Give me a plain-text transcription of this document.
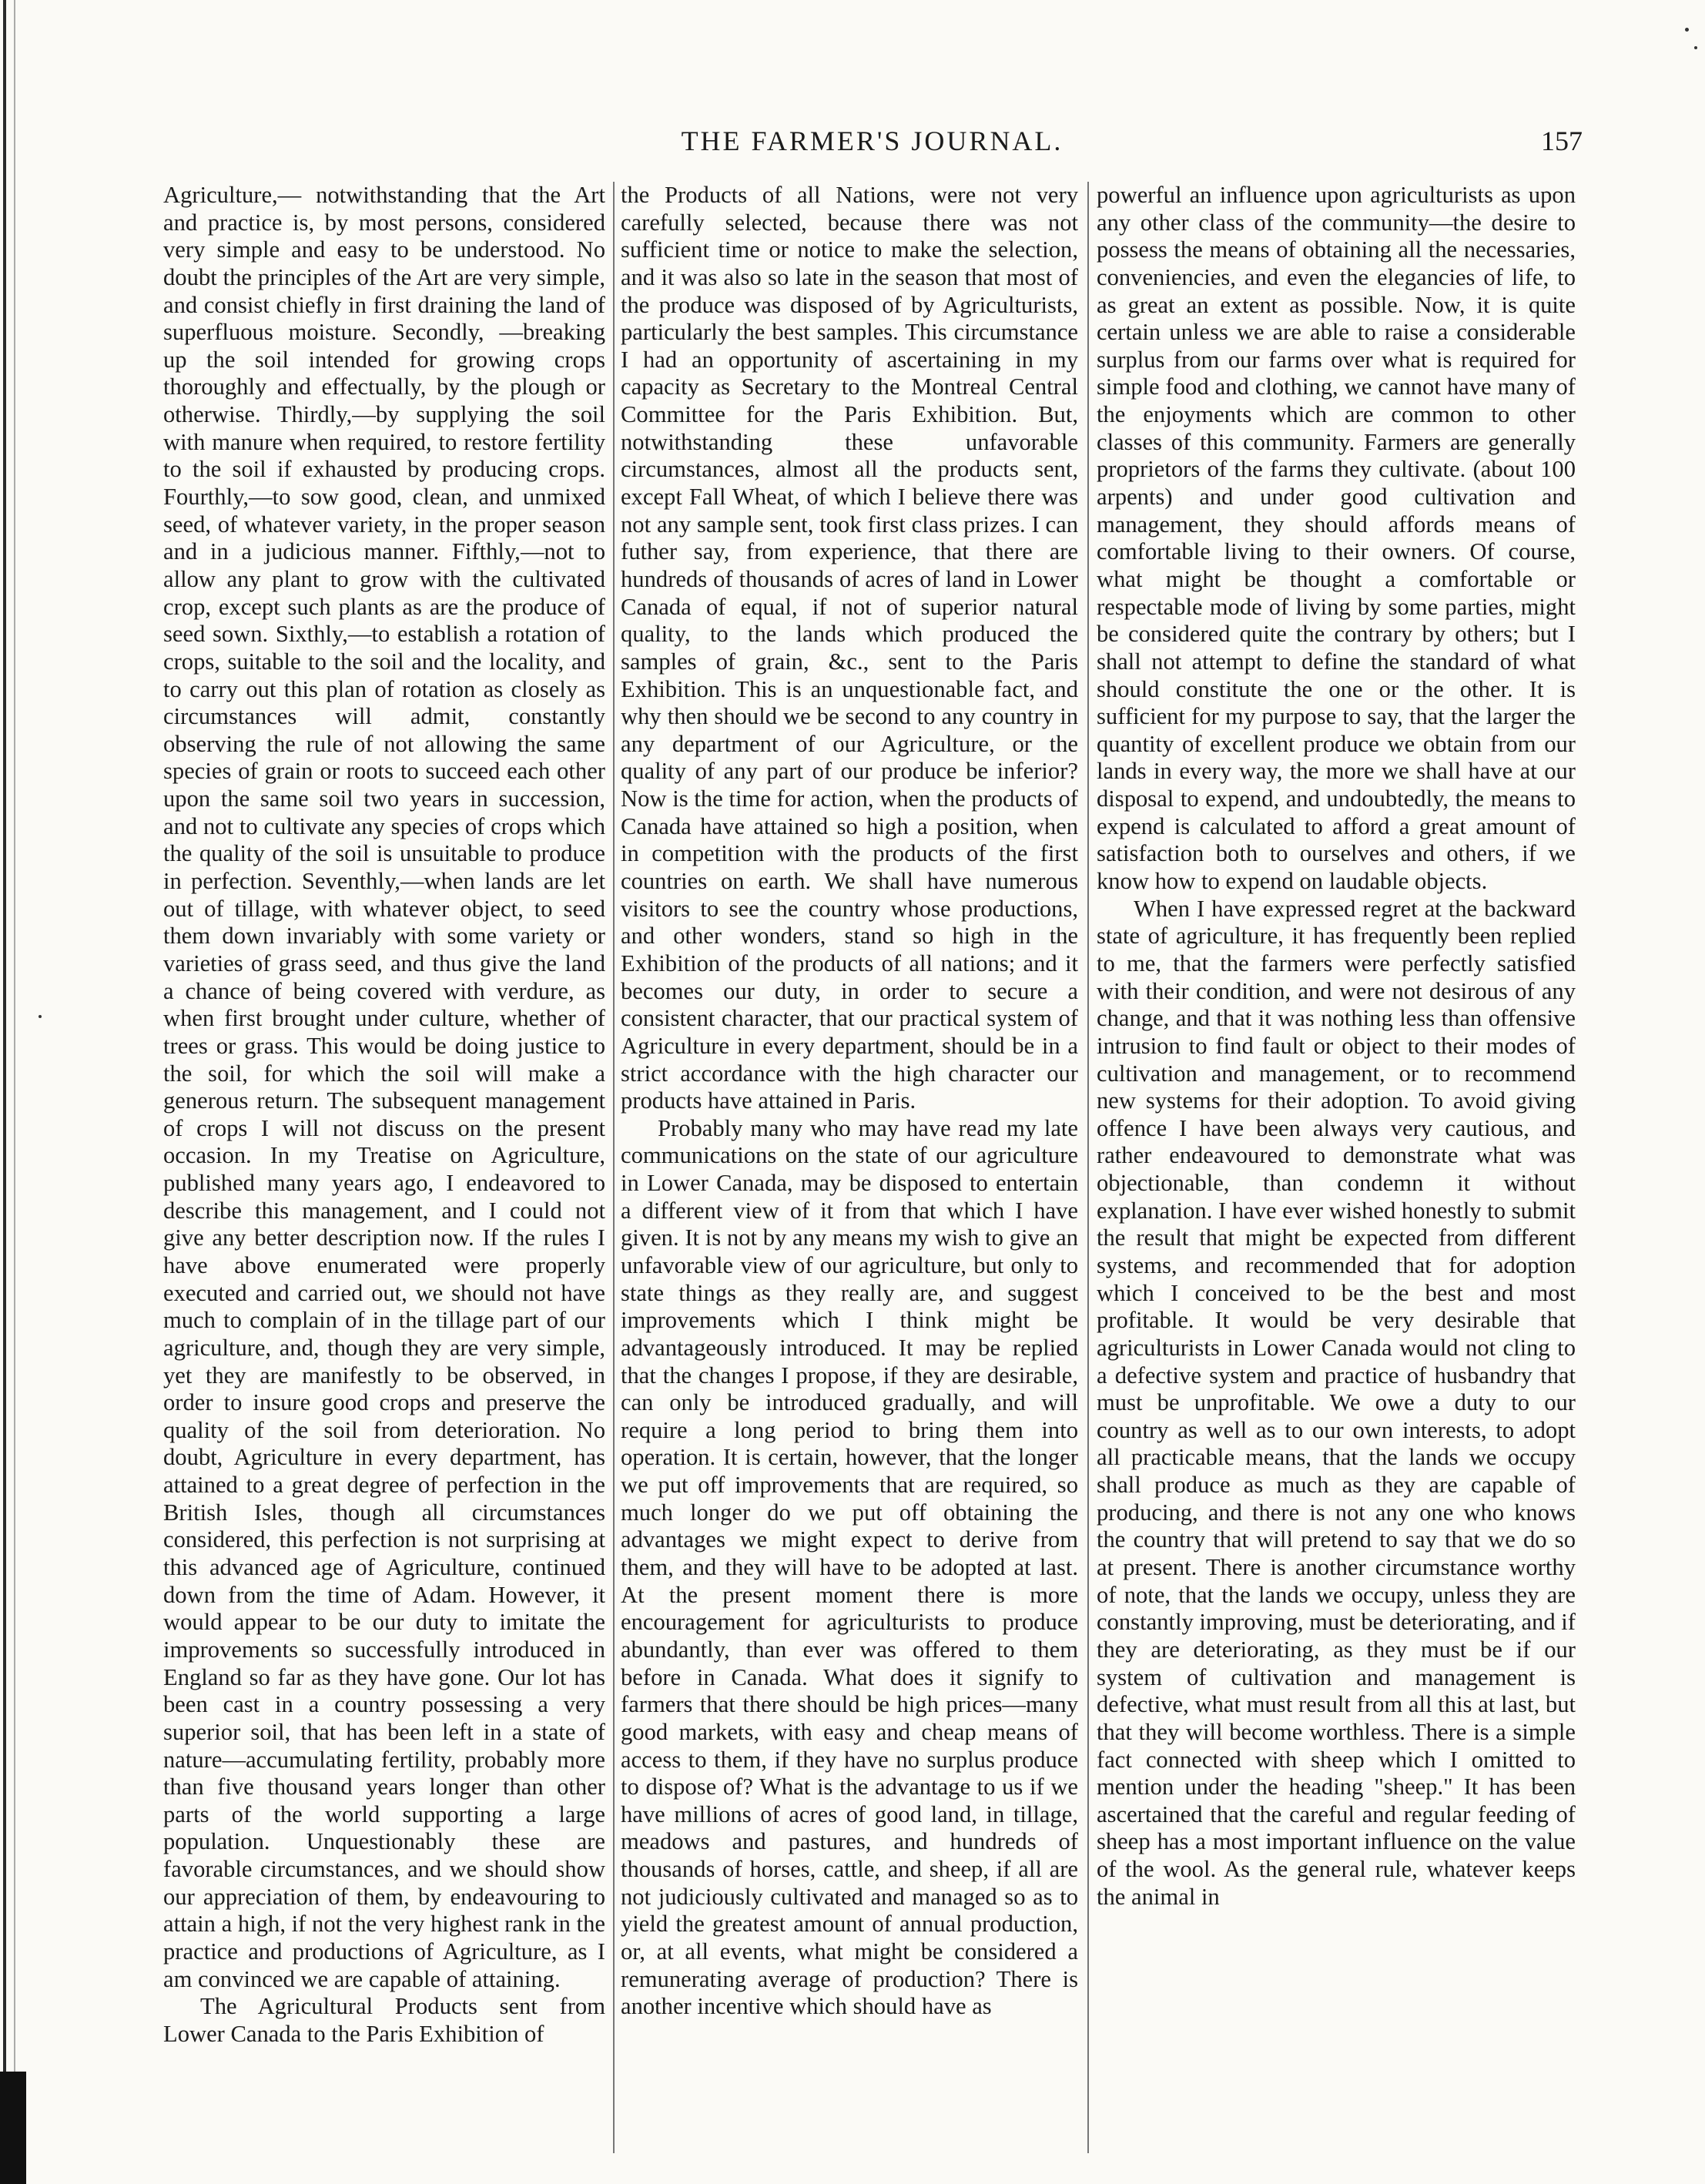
THE FARMER'S JOURNAL.	157

Agriculture,— notwithstanding that the Art and practice is, by most persons, considered very simple and easy to be understood. No doubt the principles of the Art are very simple, and consist chiefly in first draining the land of superfluous moisture. Secondly, —breaking up the soil intended for growing crops thoroughly and effectually, by the plough or otherwise. Thirdly,—by supplying the soil with manure when required, to restore fertility to the soil if exhausted by producing crops. Fourthly,—to sow good, clean, and unmixed seed, of whatever variety, in the proper season and in a judicious manner. Fifthly,—not to allow any plant to grow with the cultivated crop, except such plants as are the produce of seed sown. Sixthly,—to establish a rotation of crops, suitable to the soil and the locality, and to carry out this plan of rotation as closely as circumstances will admit, constantly observing the rule of not allowing the same species of grain or roots to succeed each other upon the same soil two years in succession, and not to cultivate any species of crops which the quality of the soil is unsuitable to produce in perfection. Seventhly,—when lands are let out of tillage, with whatever object, to seed them down invariably with some variety or varieties of grass seed, and thus give the land a chance of being covered with verdure, as when first brought under culture, whether of trees or grass. This would be doing justice to the soil, for which the soil will make a generous return. The subsequent management of crops I will not discuss on the present occasion. In my Treatise on Agriculture, published many years ago, I endeavored to describe this management, and I could not give any better description now. If the rules I have above enumerated were properly executed and carried out, we should not have much to complain of in the tillage part of our agriculture, and, though they are very simple, yet they are manifestly to be observed, in order to insure good crops and preserve the quality of the soil from deterioration. No doubt, Agriculture in every department, has attained to a great degree of perfection in the British Isles, though all circumstances considered, this perfection is not surprising at this advanced age of Agriculture, continued down from the time of Adam. However, it would appear to be our duty to imitate the improvements so successfully introduced in England so far as they have gone. Our lot has been cast in a country possessing a very superior soil, that has been left in a state of nature—accumulating fertility, probably more than five thousand years longer than other parts of the world supporting a large population. Unquestionably these are favorable circumstances, and we should show our appreciation of them, by endeavouring to attain a high, if not the very highest rank in the practice and productions of Agriculture, as I am convinced we are capable of attaining.

The Agricultural Products sent from Lower Canada to the Paris Exhibition of

the Products of all Nations, were not very carefully selected, because there was not sufficient time or notice to make the selection, and it was also so late in the season that most of the produce was disposed of by Agriculturists, particularly the best samples. This circumstance I had an opportunity of ascertaining in my capacity as Secretary to the Montreal Central Committee for the Paris Exhibition. But, notwithstanding these unfavorable circumstances, almost all the products sent, except Fall Wheat, of which I believe there was not any sample sent, took first class prizes. I can futher say, from experience, that there are hundreds of thousands of acres of land in Lower Canada of equal, if not of superior natural quality, to the lands which produced the samples of grain, &c., sent to the Paris Exhibition. This is an unquestionable fact, and why then should we be second to any country in any department of our Agriculture, or the quality of any part of our produce be inferior? Now is the time for action, when the products of Canada have attained so high a position, when in competition with the products of the first countries on earth. We shall have numerous visitors to see the country whose productions, and other wonders, stand so high in the Exhibition of the products of all nations; and it becomes our duty, in order to secure a consistent character, that our practical system of Agriculture in every department, should be in a strict accordance with the high character our products have attained in Paris.

Probably many who may have read my late communications on the state of our agriculture in Lower Canada, may be disposed to entertain a different view of it from that which I have given. It is not by any means my wish to give an unfavorable view of our agriculture, but only to state things as they really are, and suggest improvements which I think might be advantageously introduced. It may be replied that the changes I propose, if they are desirable, can only be introduced gradually, and will require a long period to bring them into operation. It is certain, however, that the longer we put off improvements that are required, so much longer do we put off obtaining the advantages we might expect to derive from them, and they will have to be adopted at last. At the present moment there is more encouragement for agriculturists to produce abundantly, than ever was offered to them before in Canada. What does it signify to farmers that there should be high prices—many good markets, with easy and cheap means of access to them, if they have no surplus produce to dispose of? What is the advantage to us if we have millions of acres of good land, in tillage, meadows and pastures, and hundreds of thousands of horses, cattle, and sheep, if all are not judiciously cultivated and managed so as to yield the greatest amount of annual production, or, at all events, what might be considered a remunerating average of production? There is another incentive which should have as

powerful an influence upon agriculturists as upon any other class of the community—the desire to possess the means of obtaining all the necessaries, conveniencies, and even the elegancies of life, to as great an extent as possible. Now, it is quite certain unless we are able to raise a considerable surplus from our farms over what is required for simple food and clothing, we cannot have many of the enjoyments which are common to other classes of this community. Farmers are generally proprietors of the farms they cultivate. (about 100 arpents) and under good cultivation and management, they should affords means of comfortable living to their owners. Of course, what might be thought a comfortable or respectable mode of living by some parties, might be considered quite the contrary by others; but I shall not attempt to define the standard of what should constitute the one or the other. It is sufficient for my purpose to say, that the larger the quantity of excellent produce we obtain from our lands in every way, the more we shall have at our disposal to expend, and undoubtedly, the means to expend is calculated to afford a great amount of satisfaction both to ourselves and others, if we know how to expend on laudable objects.

When I have expressed regret at the backward state of agriculture, it has frequently been replied to me, that the farmers were perfectly satisfied with their condition, and were not desirous of any change, and that it was nothing less than offensive intrusion to find fault or object to their modes of cultivation and management, or to recommend new systems for their adoption. To avoid giving offence I have been always very cautious, and rather endeavoured to demonstrate what was objectionable, than condemn it without explanation. I have ever wished honestly to submit the result that might be expected from different systems, and recommended that for adoption which I conceived to be the best and most profitable. It would be very desirable that agriculturists in Lower Canada would not cling to a defective system and practice of husbandry that must be unprofitable. We owe a duty to our country as well as to our own interests, to adopt all practicable means, that the lands we occupy shall produce as much as they are capable of producing, and there is not any one who knows the country that will pretend to say that we do so at present. There is another circumstance worthy of note, that the lands we occupy, unless they are constantly improving, must be deteriorating, and if they are deteriorating, as they must be if our system of cultivation and management is defective, what must result from all this at last, but that they will become worthless. There is a simple fact connected with sheep which I omitted to mention under the heading "sheep." It has been ascertained that the careful and regular feeding of sheep has a most important influence on the value of the wool. As the general rule, whatever keeps the animal in
